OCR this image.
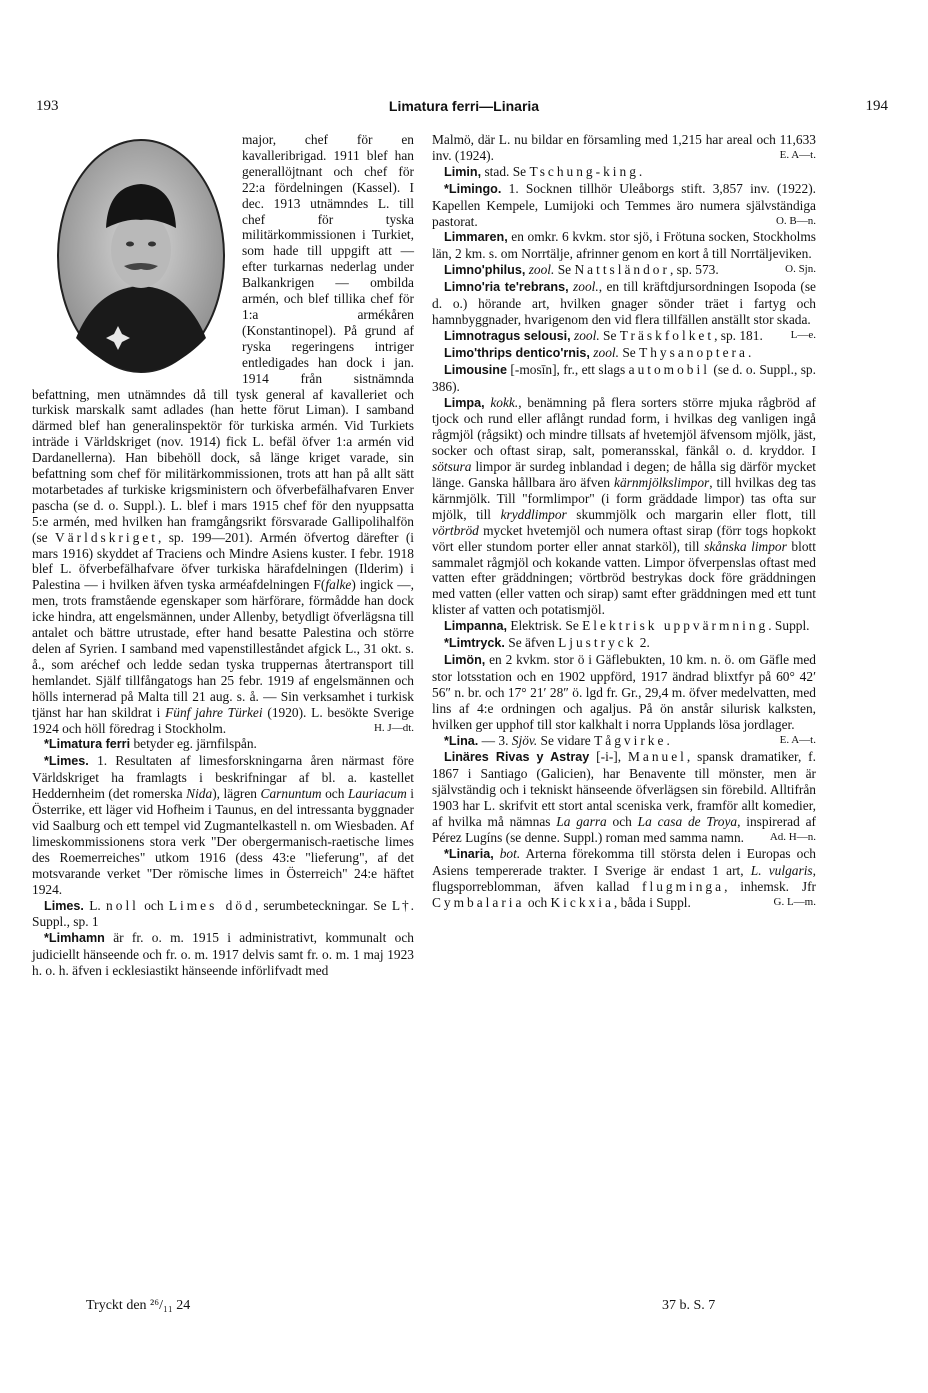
193	Limatura ferri—Linaria	194

major, chef för en kavalleribrigad. 1911 blef han generallöjtnant och chef för 22:a fördelningen (Kassel). I dec. 1913 utnämndes L. till chef för tyska militärkommissionen i Turkiet, som hade till uppgift att — efter turkarnas nederlag under Balkankrigen — ombilda armén, och blef tillika chef för 1:a armékåren (Konstantinopel). På grund af ryska regeringens intriger entledigades han dock i jan. 1914 från sistnämnda befattning, men utnämndes då till tysk general af kavalleriet och turkisk marskalk samt adlades (han hette förut Liman). I samband därmed blef han generalinspektör för turkiska armén. Vid Turkiets inträde i Världskriget (nov. 1914) fick L. befäl öfver 1:a armén vid Dardanellerna). Han bibehöll dock, så länge kriget varade, sin befattning som chef för militärkommissionen, trots att han på allt sätt motarbetades af turkiske krigsministern och öfverbefälhafvaren Enver pascha (se d. o. Suppl.). L. blef i mars 1915 chef för den nyuppsatta 5:e armén, med hvilken han framgångsrikt försvarade Gallipolihalfön (se Världskriget, sp. 199—201). Armén öfvertog därefter (i mars 1916) skyddet af Traciens och Mindre Asiens kuster. I febr. 1918 blef L. öfverbefälhafvare öfver turkiska härafdelningen (Ilderim) i Palestina — i hvilken äfven tyska arméafdelningen F(falke) ingick —, men, trots framstående egenskaper som härförare, förmådde han dock icke hindra, att engelsmännen, under Allenby, betydligt öfverlägsna till antalet och bättre utrustade, efter hand besatte Palestina och större delen af Syrien. I samband med vapenstilleståndet afgick L., 31 okt. s. å., som aréchef och ledde sedan tyska truppernas återtransport till hemlandet. Själf tillfångatogs han 25 febr. 1919 af engelsmännen och hölls internerad på Malta till 21 aug. s. å. — Sin verksamhet i turkisk tjänst har han skildrat i Fünf jahre Türkei (1920). L. besökte Sverige 1924 och höll föredrag i Stockholm.	H. J—dt.

*Limatura ferri betyder eg. järnfilspån.

*Limes. 1. Resultaten af limesforskningarna åren närmast före Världskriget ha framlagts i beskrifningar af bl. a. kastellet Heddernheim (det romerska Nida), lägren Carnuntum och Lauriacum i Österrike, ett läger vid Hofheim i Taunus, en del intressanta byggnader vid Saalburg och ett tempel vid Zugmantelkastell n. om Wiesbaden. Af limeskommissionens stora verk "Der obergermanisch-raetische limes des Roemerreiches" utkom 1916 (dess 43:e "lieferung", af det motsvarande verket "Der römische limes in Österreich" 24:e häftet 1924.

Limes. L. noll och Limes död, serumbeteckningar. Se L†. Suppl., sp. 1

*Limhamn är fr. o. m. 1915 i administrativt, kommunalt och judiciellt hänseende och fr. o. m. 1917 delvis samt fr. o. m. 1 maj 1923 h. o. h. äfven i ecklesiastikt hänseende införlifvadt med

Malmö, där L. nu bildar en församling med 1,215 har areal och 11,633 inv. (1924).	E. A—t.

Limin, stad. Se Tschung-king.

*Limingo. 1. Socknen tillhör Uleåborgs stift. 3,857 inv. (1922). Kapellen Kempele, Lumijoki och Temmes äro numera självständiga pastorat.	O. B—n.

Limmaren, en omkr. 6 kvkm. stor sjö, i Frötuna socken, Stockholms län, 2 km. s. om Norrtälje, afrinner genom en kort å till Norrtäljeviken.
O. Sjn.

Limno'philus, zool. Se Nattsländor, sp. 573.

Limno'ria te'rebrans, zool., en till kräftdjursordningen Isopoda (se d. o.) hörande art, hvilken gnager sönder träet i fartyg och hamnbyggnader, hvarigenom den vid flera tillfällen anställt stor skada.
L—e.

Limnotragus selousi, zool. Se Träskfolket, sp. 181.

Limo'thrips dentico'rnis, zool. Se Thysanoptera.

Limousine [-mosīn], fr., ett slags automobil (se d. o. Suppl., sp. 386).

Limpa, kokk., benämning på flera sorters större mjuka rågbröd af tjock och rund eller aflångt rundad form, i hvilkas deg vanligen ingå rågmjöl (rågsikt) och mindre tillsats af hvetemjöl äfvensom mjölk, jäst, socker och oftast sirap, salt, pomeransskal, fänkål o. d. kryddor. I sötsura limpor är surdeg inblandad i degen; de hålla sig därför mycket länge. Ganska hållbara äro äfven kärnmjölkslimpor, till hvilkas deg tas kärnmjölk. Till "formlimpor" (i form gräddade limpor) tas ofta sur mjölk, till kryddlimpor skummjölk och margarin eller flott, till vörtbröd mycket hvetemjöl och numera oftast sirap (förr togs hopkokt vört eller stundom porter eller annat starköl), till skånska limpor blott sammalet rågmjöl och kokande vatten. Limpor öfverpenslas oftast med vatten efter gräddningen; vörtbröd bestrykas dock före gräddningen med vatten (eller vatten och sirap) samt efter gräddningen med ett tunt klister af vatten och potatismjöl.

Limpanna, Elektrisk. Se Elektrisk uppvärmning. Suppl.

*Limtryck. Se äfven Ljustryck 2.

Limön, en 2 kvkm. stor ö i Gäflebukten, 10 km. n. ö. om Gäfle med stor lotsstation och en 1902 uppförd, 1917 ändrad blixtfyr på 60° 42′ 56″ n. br. och 17° 21′ 28″ ö. lgd fr. Gr., 29,4 m. öfver medelvatten, med lins af 4:e ordningen och agaljus. På ön anstår silurisk kalksten, hvilken ger upphof till stor kalkhalt i norra Upplands lösa jordlager.
E. A—t.

*Lina. — 3. Sjöv. Se vidare Tågvirke.

Linäres Rivas y Astray [-i-], Manuel, spansk dramatiker, f. 1867 i Santiago (Galicien), har Benavente till mönster, men är självständig och i tekniskt hänseende öfverlägsen sin förebild. Alltifrån 1903 har L. skrifvit ett stort antal sceniska verk, framför allt komedier, af hvilka må nämnas La garra och La casa de Troya, inspirerad af Pérez Lugíns (se denne. Suppl.) roman med samma namn.	Ad. H—n.

*Linaria, bot. Arterna förekomma till största delen i Europas och Asiens tempererade trakter. I Sverige är endast 1 art, L. vulgaris, flugsporreblomman, äfven kallad flugminga, inhemsk. Jfr Cymbalaria och Kickxia, båda i Suppl.	G. L—m.

Tryckt den ²⁶/₁₁ 24	37 b. S. 7
